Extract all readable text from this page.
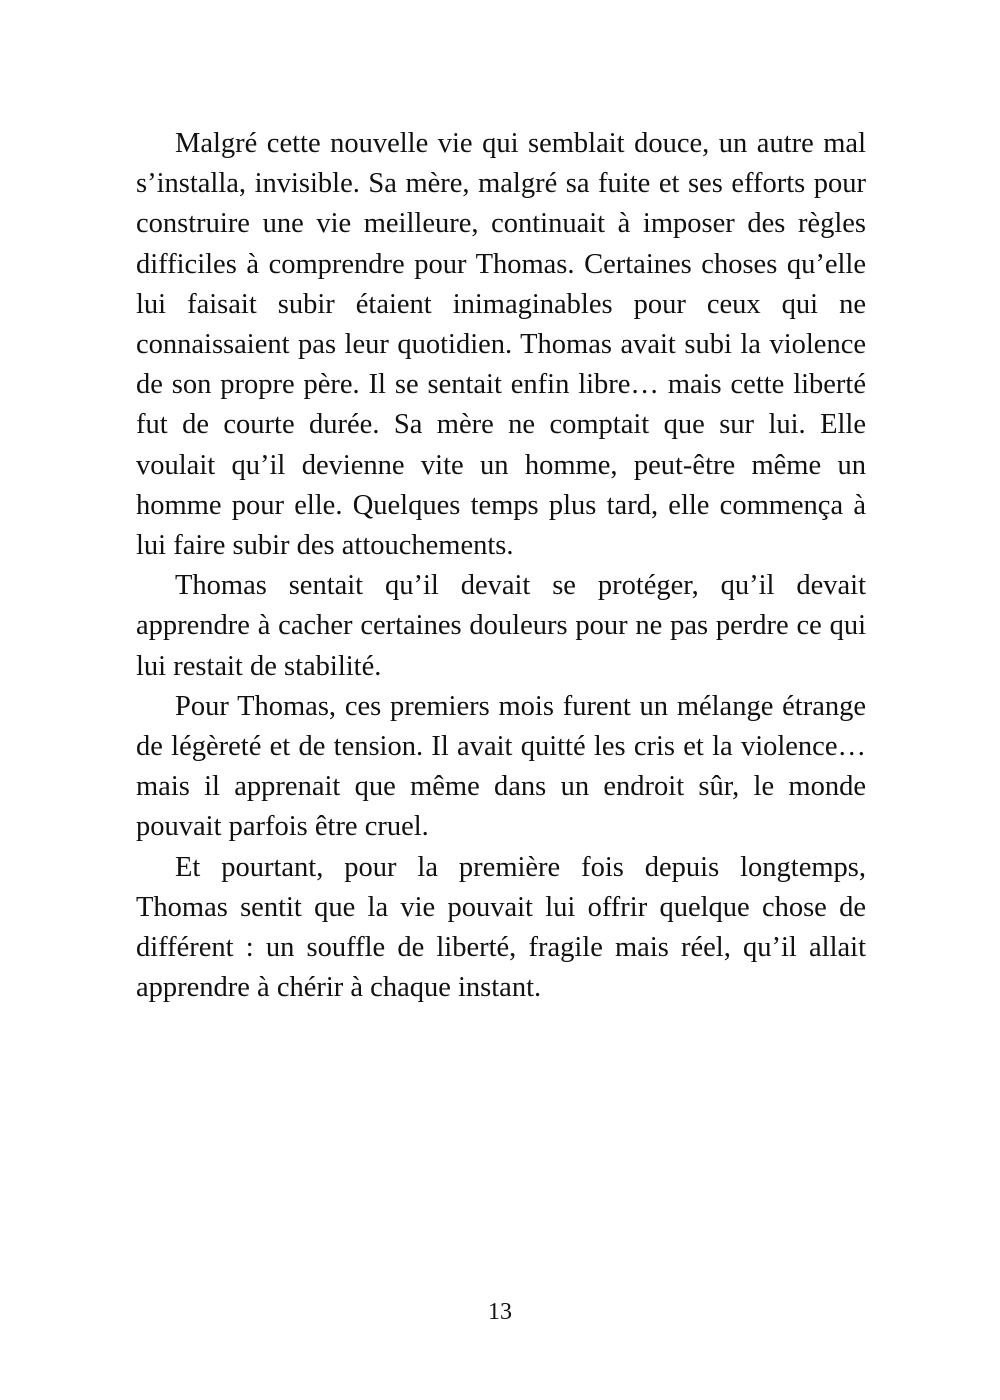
Malgré cette nouvelle vie qui semblait douce, un autre mal s’installa, invisible. Sa mère, malgré sa fuite et ses efforts pour construire une vie meilleure, continuait à imposer des règles difficiles à comprendre pour Thomas. Certaines choses qu’elle lui faisait subir étaient inimaginables pour ceux qui ne connaissaient pas leur quotidien. Thomas avait subi la violence de son propre père. Il se sentait enfin libre… mais cette liberté fut de courte durée. Sa mère ne comptait que sur lui. Elle voulait qu’il devienne vite un homme, peut-être même un homme pour elle. Quelques temps plus tard, elle commença à lui faire subir des attouchements.

Thomas sentait qu’il devait se protéger, qu’il devait apprendre à cacher certaines douleurs pour ne pas perdre ce qui lui restait de stabilité.

Pour Thomas, ces premiers mois furent un mélange étrange de légèreté et de tension. Il avait quitté les cris et la violence… mais il apprenait que même dans un endroit sûr, le monde pouvait parfois être cruel.

Et pourtant, pour la première fois depuis longtemps, Thomas sentit que la vie pouvait lui offrir quelque chose de différent : un souffle de liberté, fragile mais réel, qu’il allait apprendre à chérir à chaque instant.

13
